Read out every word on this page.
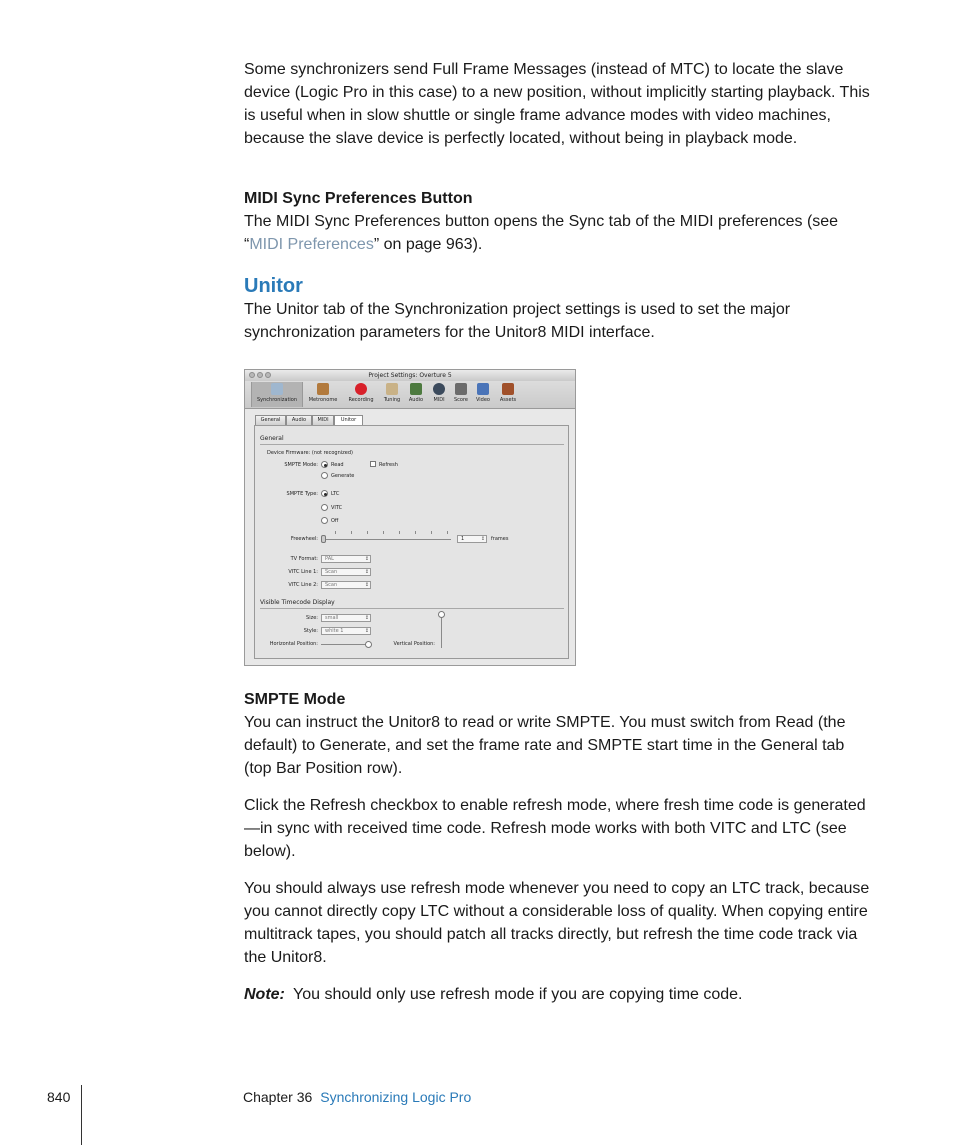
Some synchronizers send Full Frame Messages (instead of MTC) to locate the slave device (Logic Pro in this case) to a new position, without implicitly starting playback. This is useful when in slow shuttle or single frame advance modes with video machines, because the slave device is perfectly located, without being in playback mode.

MIDI Sync Preferences Button

The MIDI Sync Preferences button opens the Sync tab of the MIDI preferences (see “MIDI Preferences” on page 963).

Unitor

The Unitor tab of the Synchronization project settings is used to set the major synchronization parameters for the Unitor8 MIDI interface.

Project Settings: Overture 5
Synchronization	Metronome	Recording	Tuning	Audio	MIDI	Score	Video	Assets
General	Audio	MIDI	Unitor
General
Device Firmware: (not recognized)
SMPTE Mode:	Read	Refresh
Generate
SMPTE Type:	LTC
VITC
Off
Freewheel:	1 ↕	frames
TV Format:	PAL ↕
VITC Line 1:	Scan ↕
VITC Line 2:	Scan ↕
Visible Timecode Display
Size:	small ↕
Style:	white 1 ↕
Horizontal Position:	Vertical Position:

SMPTE Mode

You can instruct the Unitor8 to read or write SMPTE. You must switch from Read (the default) to Generate, and set the frame rate and SMPTE start time in the General tab (top Bar Position row).

Click the Refresh checkbox to enable refresh mode, where fresh time code is generated—in sync with received time code. Refresh mode works with both VITC and LTC (see below).

You should always use refresh mode whenever you need to copy an LTC track, because you cannot directly copy LTC without a considerable loss of quality. When copying entire multitrack tapes, you should patch all tracks directly, but refresh the time code track via the Unitor8.

Note: You should only use refresh mode if you are copying time code.

840	Chapter 36 Synchronizing Logic Pro
